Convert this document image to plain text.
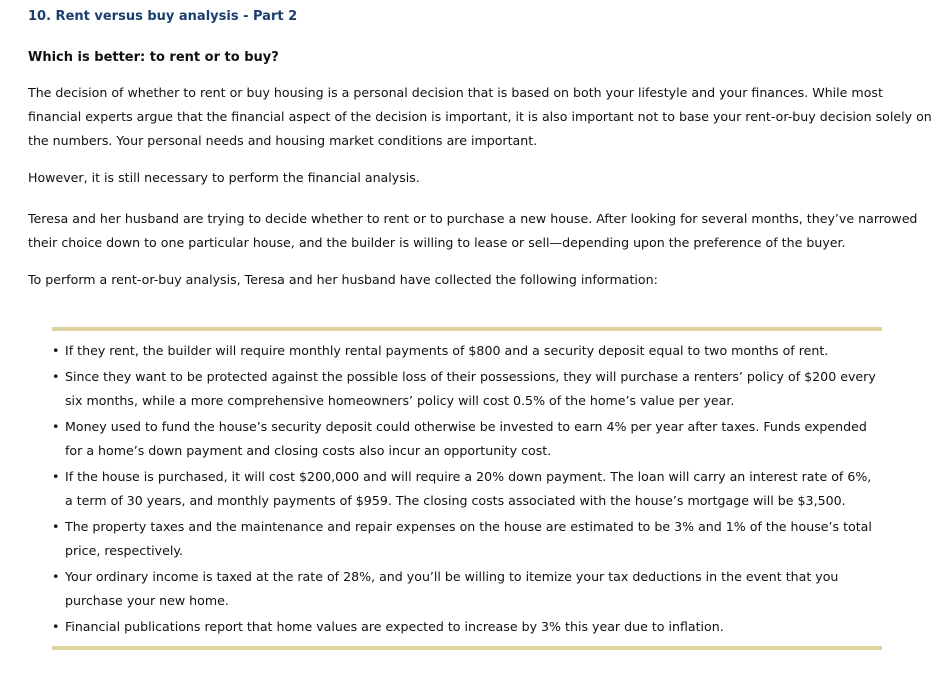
10. Rent versus buy analysis - Part 2
Which is better: to rent or to buy?

The decision of whether to rent or buy housing is a personal decision that is based on both your lifestyle and your finances. While most financial experts argue that the financial aspect of the decision is important, it is also important not to base your rent-or-buy decision solely on the numbers. Your personal needs and housing market conditions are important.

However, it is still necessary to perform the financial analysis.

Teresa and her husband are trying to decide whether to rent or to purchase a new house. After looking for several months, they’ve narrowed their choice down to one particular house, and the builder is willing to lease or sell—depending upon the preference of the buyer.

To perform a rent-or-buy analysis, Teresa and her husband have collected the following information:

• If they rent, the builder will require monthly rental payments of $800 and a security deposit equal to two months of rent.
• Since they want to be protected against the possible loss of their possessions, they will purchase a renters’ policy of $200 every six months, while a more comprehensive homeowners’ policy will cost 0.5% of the home’s value per year.
• Money used to fund the house’s security deposit could otherwise be invested to earn 4% per year after taxes. Funds expended for a home’s down payment and closing costs also incur an opportunity cost.
• If the house is purchased, it will cost $200,000 and will require a 20% down payment. The loan will carry an interest rate of 6%, a term of 30 years, and monthly payments of $959. The closing costs associated with the house’s mortgage will be $3,500.
• The property taxes and the maintenance and repair expenses on the house are estimated to be 3% and 1% of the house’s total price, respectively.
• Your ordinary income is taxed at the rate of 28%, and you’ll be willing to itemize your tax deductions in the event that you purchase your new home.
• Financial publications report that home values are expected to increase by 3% this year due to inflation.
